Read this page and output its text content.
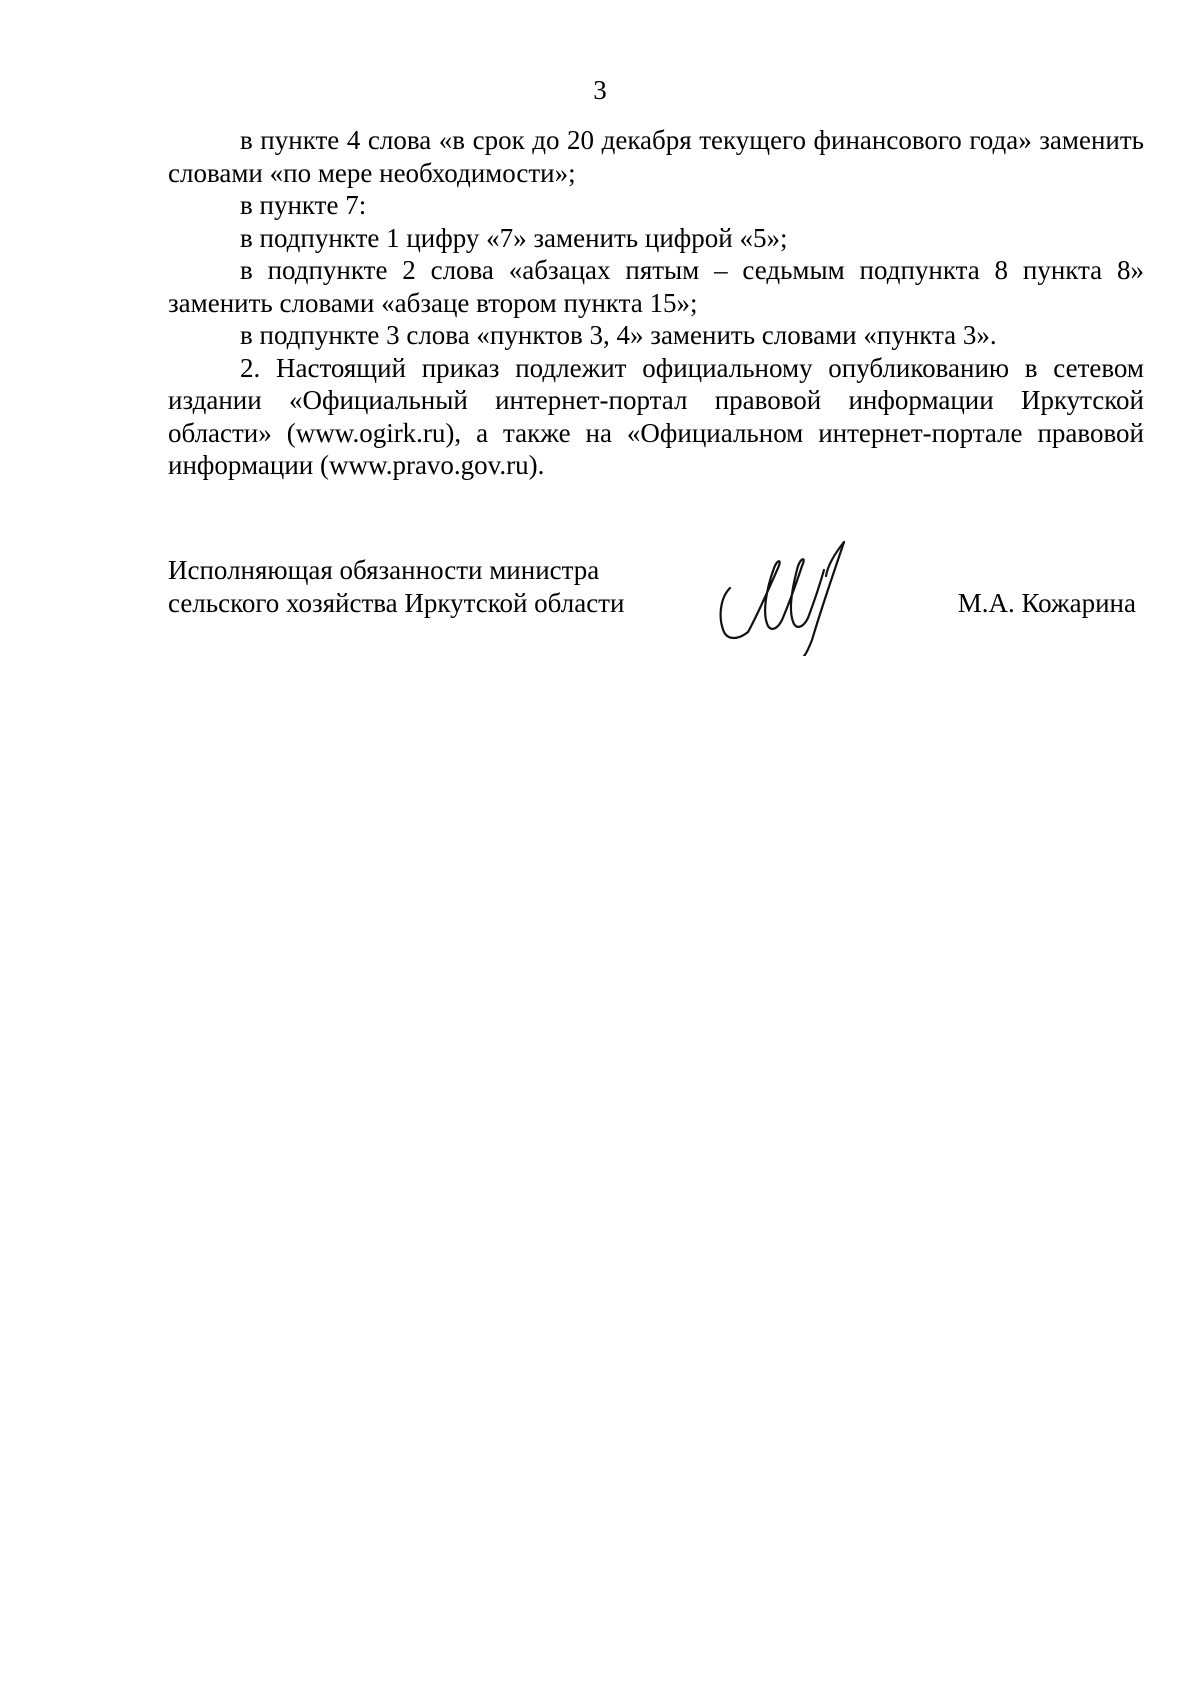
3

в пункте 4 слова «в срок до 20 декабря текущего финансового года» заменить словами «по мере необходимости»;

в пункте 7:

в подпункте 1 цифру «7» заменить цифрой «5»;

в подпункте 2 слова «абзацах пятым – седьмым подпункта 8 пункта 8» заменить словами «абзаце втором пункта 15»;

в подпункте 3 слова «пунктов 3, 4» заменить словами «пункта 3».

2. Настоящий приказ подлежит официальному опубликованию в сетевом издании «Официальный интернет-портал правовой информации Иркутской области» (www.ogirk.ru), а также на «Официальном интернет-портале правовой информации (www.pravo.gov.ru).

Исполняющая обязанности министра
сельского хозяйства Иркутской области	М.А. Кожарина
